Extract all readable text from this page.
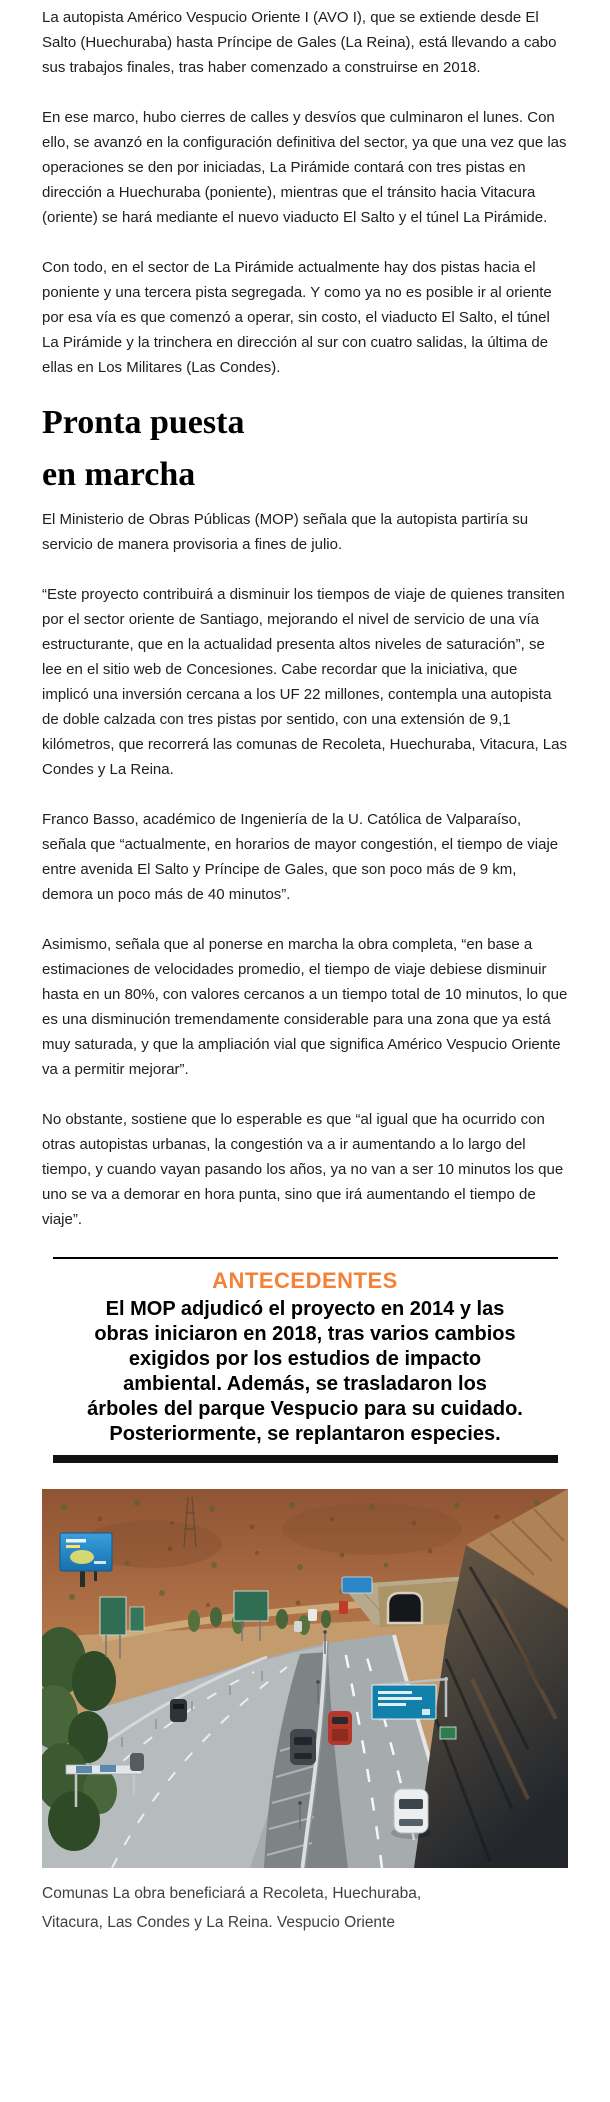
La autopista Américo Vespucio Oriente I (AVO I), que se extiende desde El Salto (Huechuraba) hasta Príncipe de Gales (La Reina), está llevando a cabo sus trabajos finales, tras haber comenzado a construirse en 2018.

En ese marco, hubo cierres de calles y desvíos que culminaron el lunes. Con ello, se avanzó en la configuración definitiva del sector, ya que una vez que las operaciones se den por iniciadas, La Pirámide contará con tres pistas en dirección a Huechuraba (poniente), mientras que el tránsito hacia Vitacura (oriente) se hará mediante el nuevo viaducto El Salto y el túnel La Pirámide.

Con todo, en el sector de La Pirámide actualmente hay dos pistas hacia el poniente y una tercera pista segregada. Y como ya no es posible ir al oriente por esa vía es que comenzó a operar, sin costo, el viaducto El Salto, el túnel La Pirámide y la trinchera en dirección al sur con cuatro salidas, la última de ellas en Los Militares (Las Condes).

Pronta puesta
en marcha

El Ministerio de Obras Públicas (MOP) señala que la autopista partiría su servicio de manera provisoria a fines de julio.

“Este proyecto contribuirá a disminuir los tiempos de viaje de quienes transiten por el sector oriente de Santiago, mejorando el nivel de servicio de una vía estructurante, que en la actualidad presenta altos niveles de saturación”, se lee en el sitio web de Concesiones. Cabe recordar que la iniciativa, que implicó una inversión cercana a los UF 22 millones, contempla una autopista de doble calzada con tres pistas por sentido, con una extensión de 9,1 kilómetros, que recorrerá las comunas de Recoleta, Huechuraba, Vitacura, Las Condes y La Reina.

Franco Basso, académico de Ingeniería de la U. Católica de Valparaíso, señala que “actualmente, en horarios de mayor congestión, el tiempo de viaje entre avenida El Salto y Príncipe de Gales, que son poco más de 9 km, demora un poco más de 40 minutos”.

Asimismo, señala que al ponerse en marcha la obra completa, “en base a estimaciones de velocidades promedio, el tiempo de viaje debiese disminuir hasta en un 80%, con valores cercanos a un tiempo total de 10 minutos, lo que es una disminución tremendamente considerable para una zona que ya está muy saturada, y que la ampliación vial que significa Américo Vespucio Oriente va a permitir mejorar”.

No obstante, sostiene que lo esperable es que “al igual que ha ocurrido con otras autopistas urbanas, la congestión va a ir aumentando a lo largo del tiempo, y cuando vayan pasando los años, ya no van a ser 10 minutos los que uno se va a demorar en hora punta, sino que irá aumentando el tiempo de viaje”.

ANTECEDENTES
El MOP adjudicó el proyecto en 2014 y las
obras iniciaron en 2018, tras varios cambios
exigidos por los estudios de impacto
ambiental. Además, se trasladaron los
árboles del parque Vespucio para su cuidado.
Posteriormente, se replantaron especies.
Comunas La obra beneficiará a Recoleta, Huechuraba,
Vitacura, Las Condes y La Reina. Vespucio Oriente
